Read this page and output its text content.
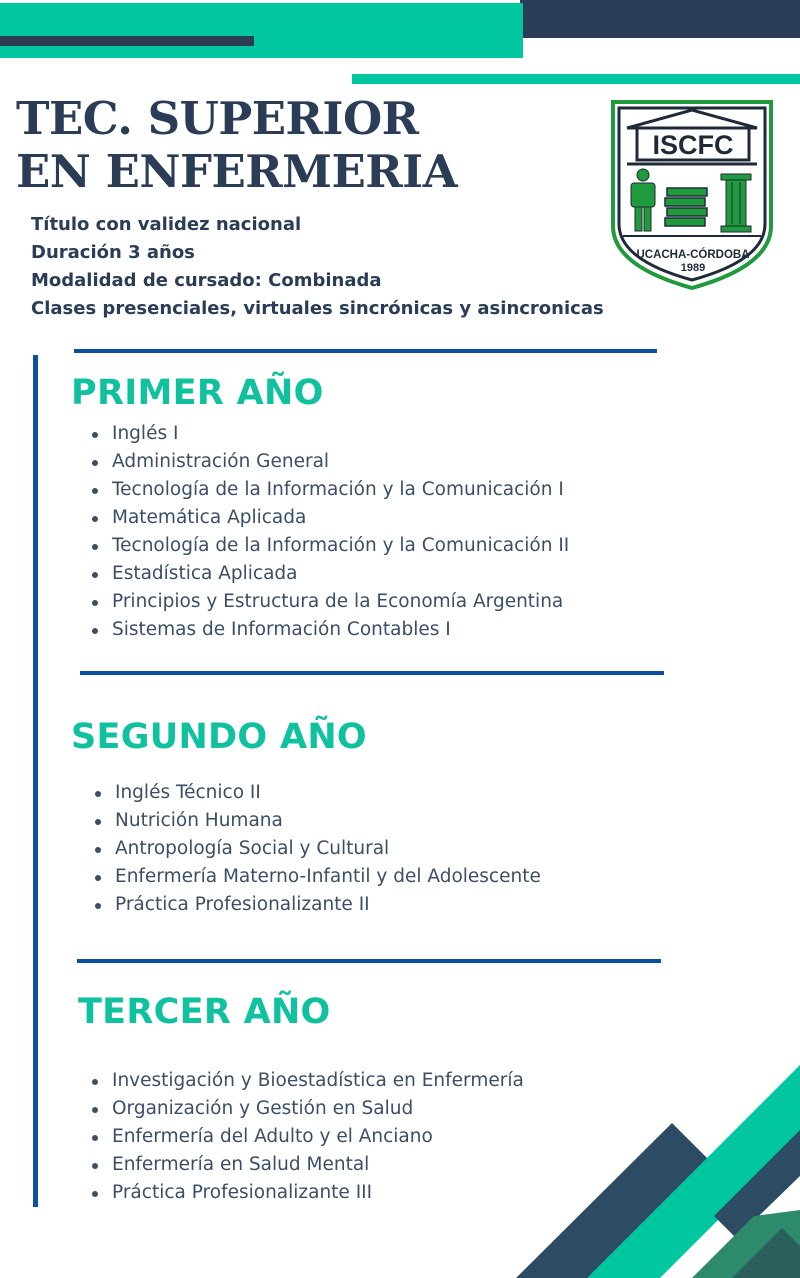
TEC. SUPERIOR
EN ENFERMERIA
Título con validez nacional
Duración 3 años
Modalidad de cursado: Combinada
Clases presenciales, virtuales sincrónicas y asincronicas
ISCFC
UCACHA-CÓRDOBA
1989
PRIMER AÑO
Inglés I
Administración General
Tecnología de la Información y la Comunicación I
Matemática Aplicada
Tecnología de la Información y la Comunicación II
Estadística Aplicada
Principios y Estructura de la Economía Argentina
Sistemas de Información Contables I
SEGUNDO AÑO
Inglés Técnico II
Nutrición Humana
Antropología Social y Cultural
Enfermería Materno-Infantil y del Adolescente
Práctica Profesionalizante II
TERCER AÑO
Investigación y Bioestadística en Enfermería
Organización y Gestión en Salud
Enfermería del Adulto y el Anciano
Enfermería en Salud Mental
Práctica Profesionalizante III
